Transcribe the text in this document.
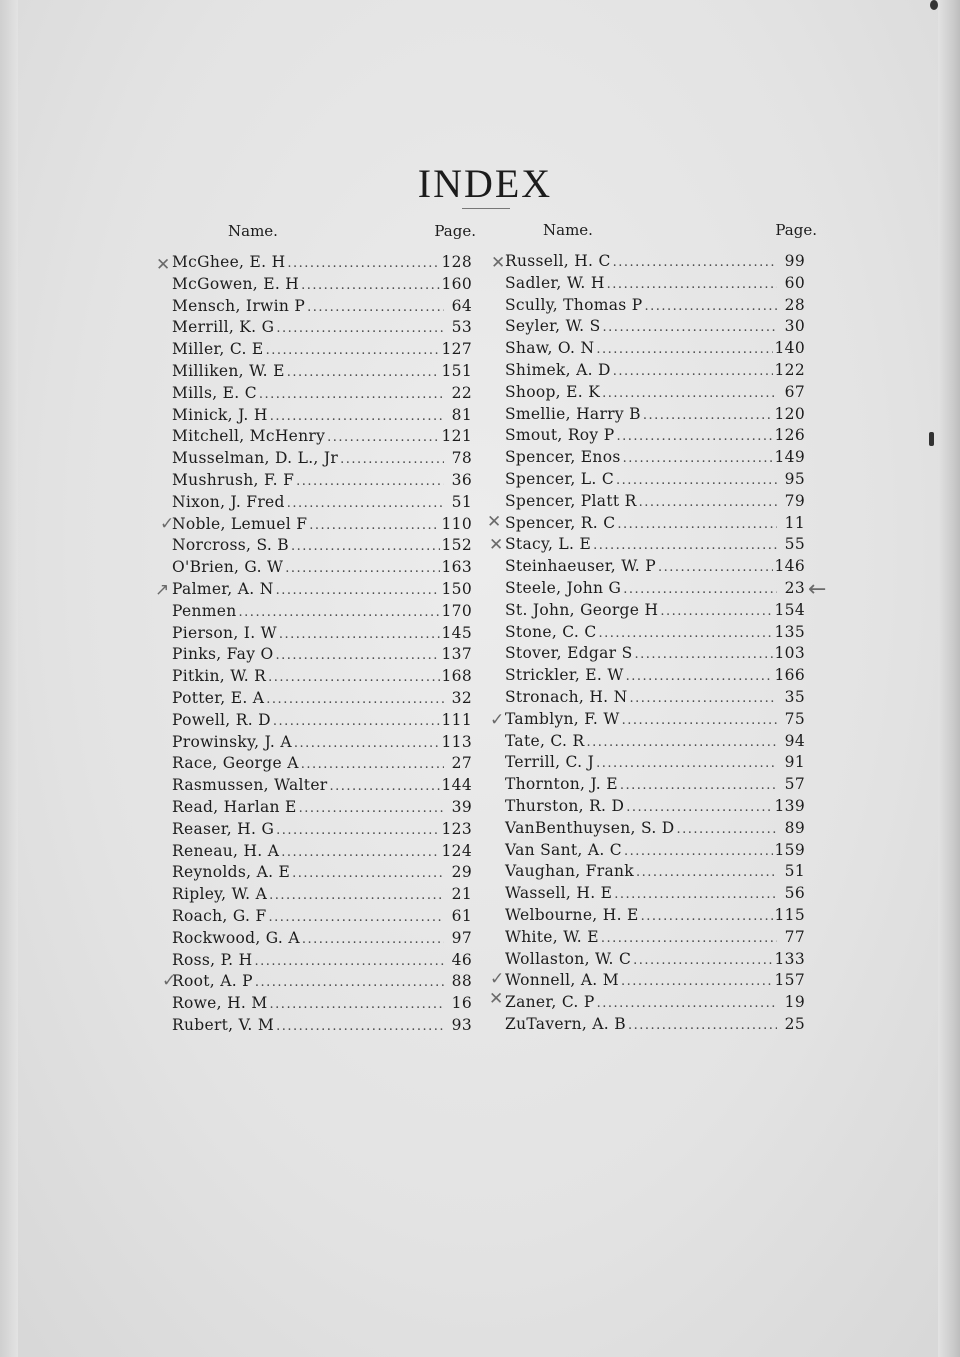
INDEX
Name.	Page.
McGhee, E. H .....	128
McGowen, E. H .....	160
Mensch, Irwin P .....	64
Merrill, K. G .....	53
Miller, C. E .....	127
Milliken, W. E .....	151
Mills, E. C .....	22
Minick, J. H .....	81
Mitchell, McHenry .....	121
Musselman, D. L., Jr .....	78
Mushrush, F. F .....	36
Nixon, J. Fred .....	51
Noble, Lemuel F .....	110
Norcross, S. B .....	152
O'Brien, G. W .....	163
Palmer, A. N .....	150
Penmen .....	170
Pierson, I. W .....	145
Pinks, Fay O .....	137
Pitkin, W. R .....	168
Potter, E. A .....	32
Powell, R. D .....	111
Prowinsky, J. A .....	113
Race, George A .....	27
Rasmussen, Walter .....	144
Read, Harlan E .....	39
Reaser, H. G .....	123
Reneau, H. A .....	124
Reynolds, A. E .....	29
Ripley, W. A .....	21
Roach, G. F .....	61
Rockwood, G. A .....	97
Ross, P. H .....	46
Root, A. P .....	88
Rowe, H. M .....	16
Rubert, V. M .....	93
Name.	Page.
Russell, H. C .....	99
Sadler, W. H .....	60
Scully, Thomas P .....	28
Seyler, W. S .....	30
Shaw, O. N .....	140
Shimek, A. D .....	122
Shoop, E. K .....	67
Smellie, Harry B .....	120
Smout, Roy P .....	126
Spencer, Enos .....	149
Spencer, L. C .....	95
Spencer, Platt R .....	79
Spencer, R. C .....	11
Stacy, L. E .....	55
Steinhaeuser, W. P .....	146
Steele, John G .....	23
St. John, George H .....	154
Stone, C. C .....	135
Stover, Edgar S .....	103
Strickler, E. W .....	166
Stronach, H. N .....	35
Tamblyn, F. W .....	75
Tate, C. R .....	94
Terrill, C. J .....	91
Thornton, J. E .....	57
Thurston, R. D .....	139
VanBenthuysen, S. D .....	89
Van Sant, A. C .....	159
Vaughan, Frank .....	51
Wassell, H. E .....	56
Welbourne, H. E .....	115
White, W. E .....	77
Wollaston, W. C .....	133
Wonnell, A. M .....	157
Zaner, C. P .....	19
ZuTavern, A. B .....	25
✕
✓
↗
✓
✕
✕
✕
✓
✓
✕
←
